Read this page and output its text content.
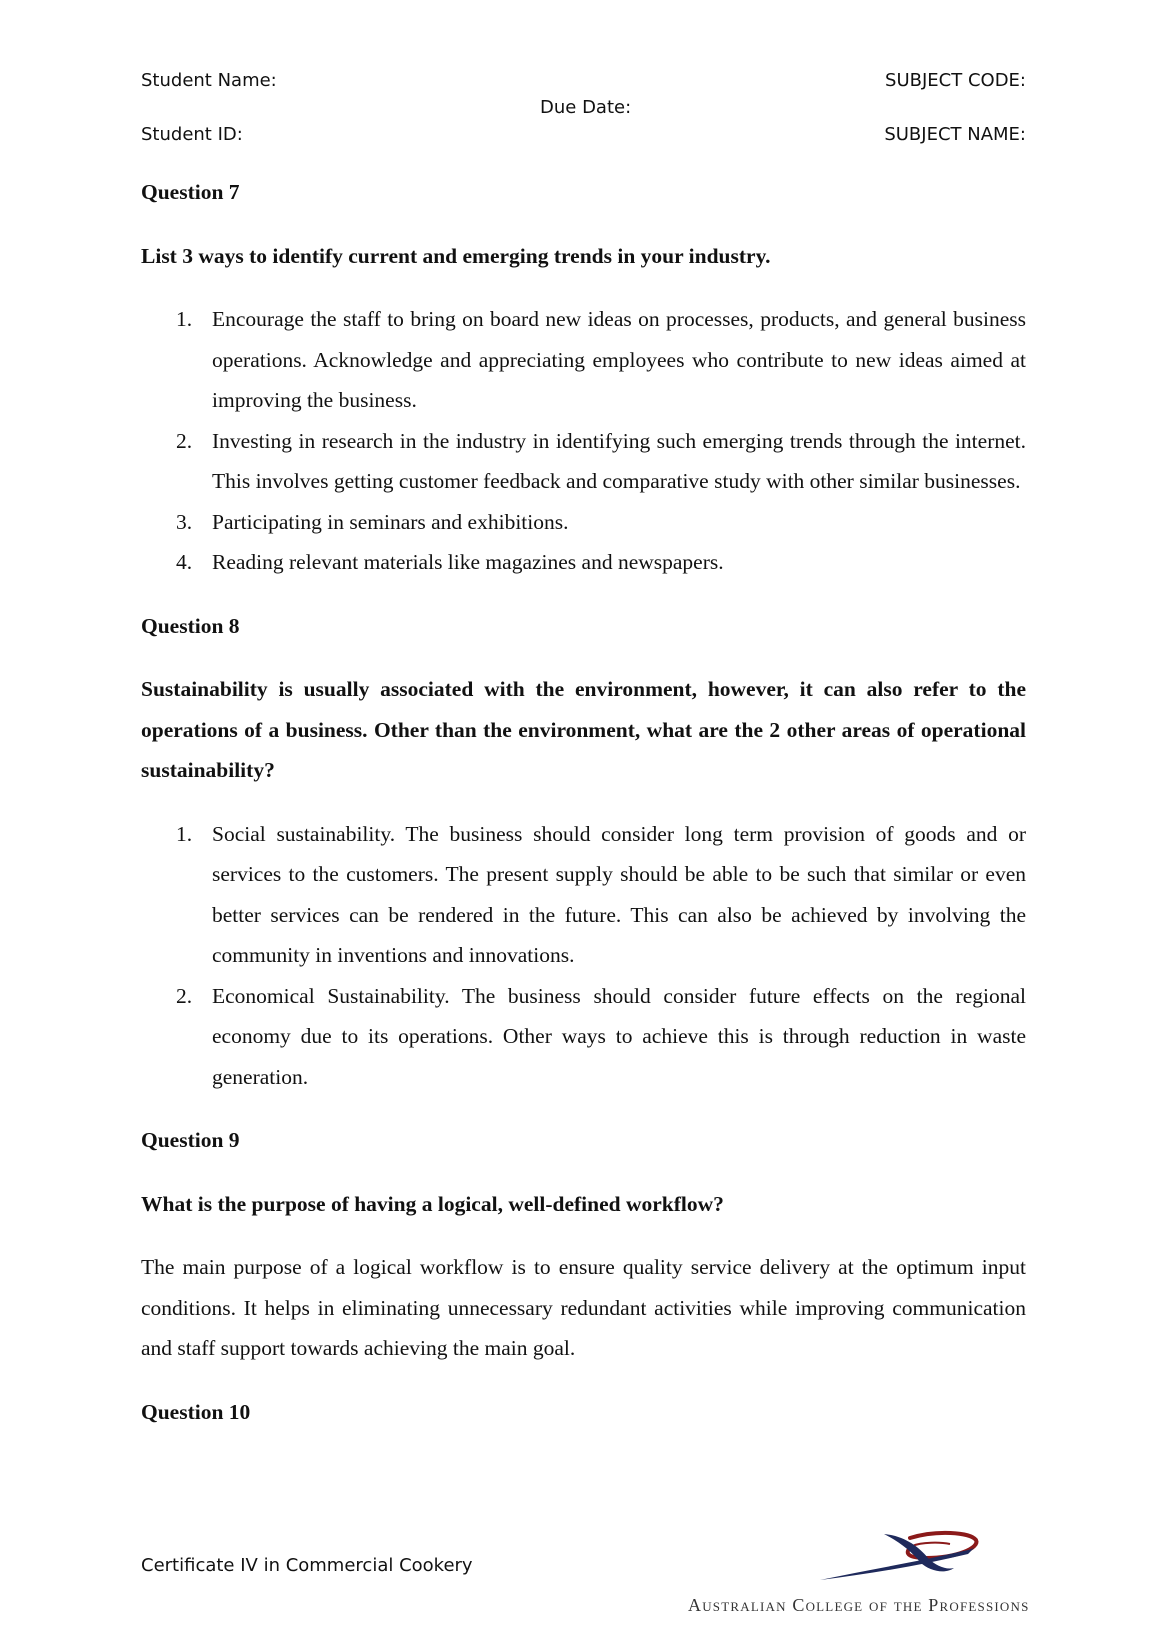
Student Name:
Student ID:
Due Date:
SUBJECT CODE:
SUBJECT NAME:
Question 7
List 3 ways to identify current and emerging trends in your industry.
1. Encourage the staff to bring on board new ideas on processes, products, and general business operations. Acknowledge and appreciating employees who contribute to new ideas aimed at improving the business.
2. Investing in research in the industry in identifying such emerging trends through the internet. This involves getting customer feedback and comparative study with other similar businesses.
3. Participating in seminars and exhibitions.
4. Reading relevant materials like magazines and newspapers.
Question 8
Sustainability is usually associated with the environment, however, it can also refer to the operations of a business. Other than the environment, what are the 2 other areas of operational sustainability?
1. Social sustainability. The business should consider long term provision of goods and or services to the customers. The present supply should be able to be such that similar or even better services can be rendered in the future. This can also be achieved by involving the community in inventions and innovations.
2. Economical Sustainability. The business should consider future effects on the regional economy due to its operations. Other ways to achieve this is through reduction in waste generation.
Question 9
What is the purpose of having a logical, well-defined workflow?
The main purpose of a logical workflow is to ensure quality service delivery at the optimum input conditions. It helps in eliminating unnecessary redundant activities while improving communication and staff support towards achieving the main goal.
Question 10
Certificate IV in Commercial Cookery
Australian College of the Professions
